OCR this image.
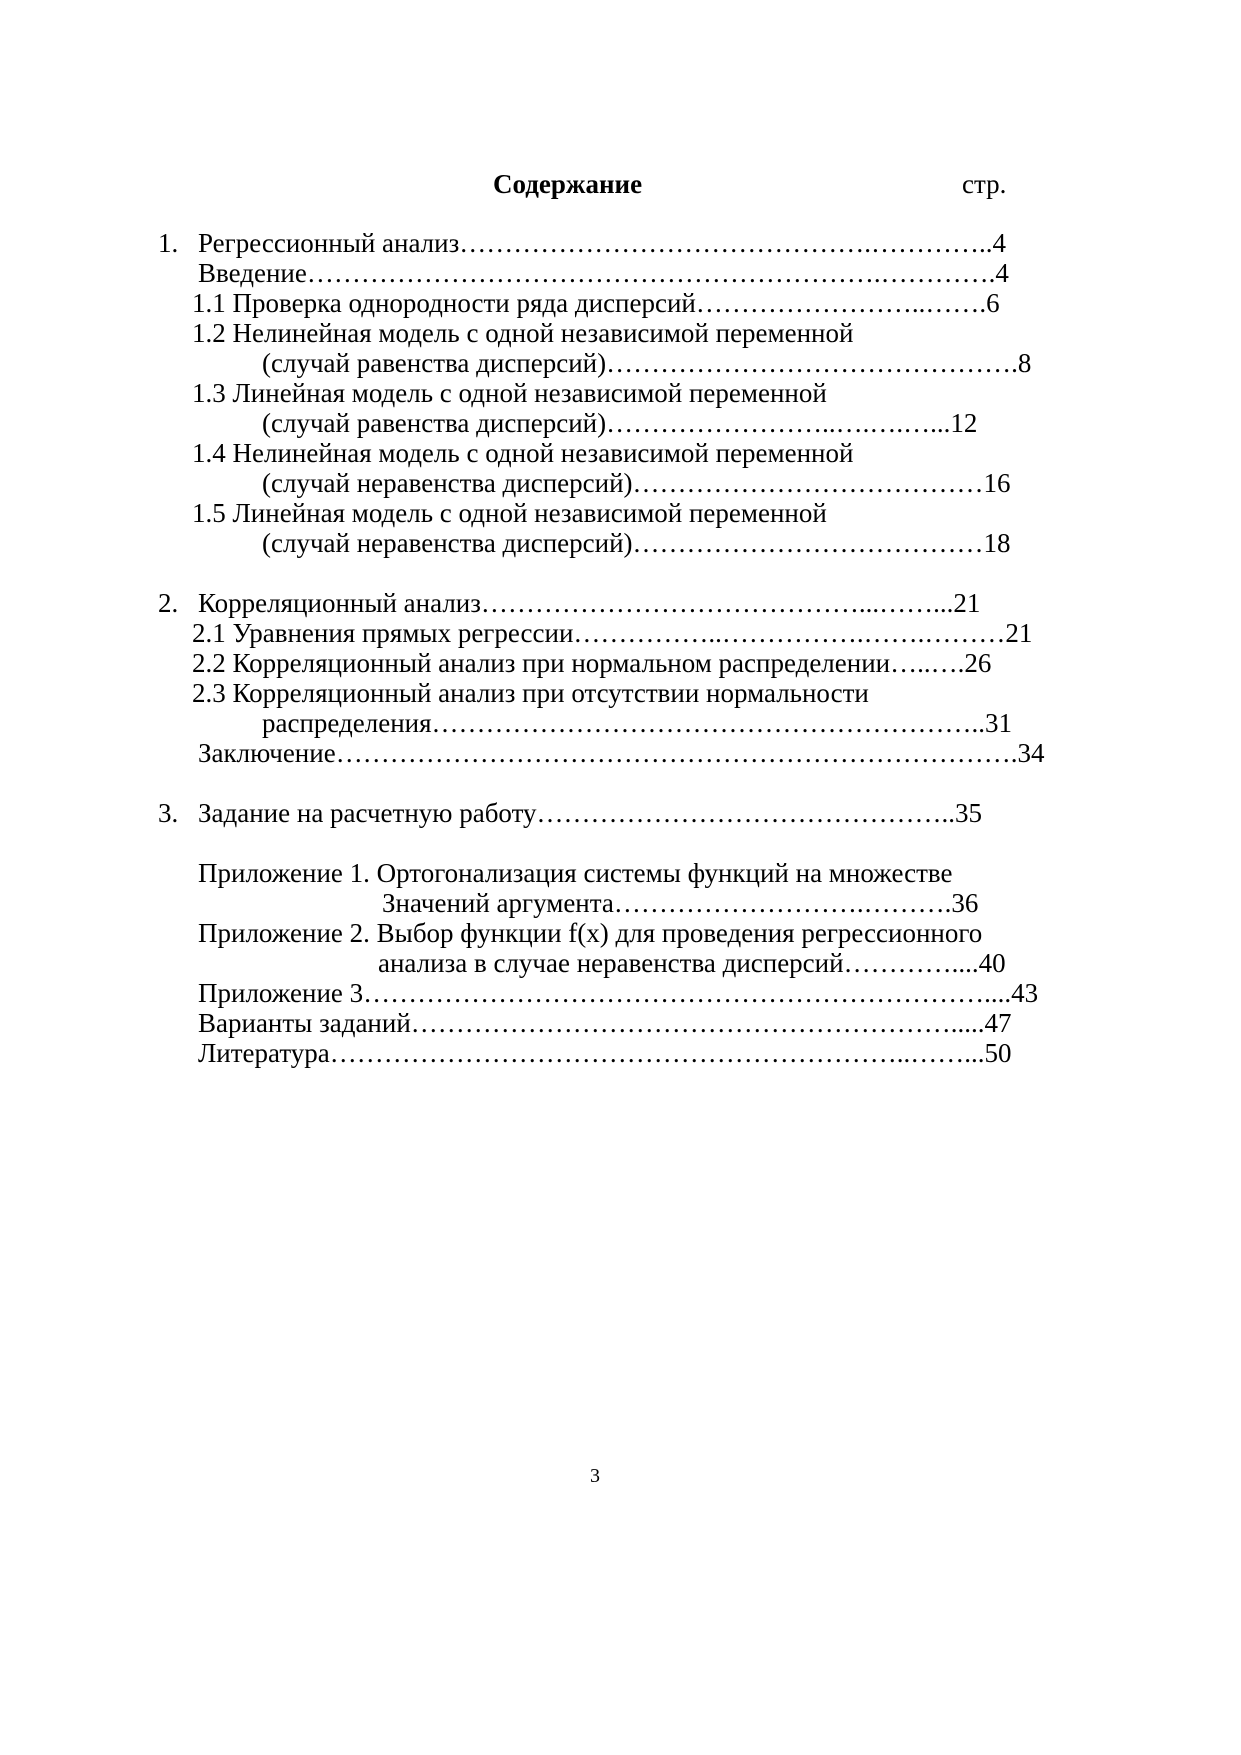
Содержание	стр.
1. Регрессионный анализ……………………………………….…………..4
Введение……………………………………………………….………….4
1.1 Проверка однородности ряда дисперсий……………………..…….6
1.2 Нелинейная модель с одной независимой переменной
(случай равенства дисперсий)……………………………………….8
1.3 Линейная модель с одной независимой переменной
(случай равенства дисперсий)……………………..….….…...12
1.4 Нелинейная модель с одной независимой переменной
(случай неравенства дисперсий)…………………………………16
1.5 Линейная модель с одной независимой переменной
(случай неравенства дисперсий)…………………………………18
2. Корреляционный анализ……………………………………...……...21
2.1 Уравнения прямых регрессии……………..…………….…….………21
2.2 Корреляционный анализ при нормальном распределении…..….26
2.3 Корреляционный анализ при отсутствии нормальности
распределения……………………………………………………..31
Заключение………………………………………………………………….34
3. Задание на расчетную работу………………………………………..35
Приложение 1. Ортогонализация системы функций на множестве
Значений аргумента……………………….……….36
Приложение 2. Выбор функции f(x) для проведения регрессионного
анализа в случае неравенства дисперсий…………....40
Приложение 3……………………………………………………………....43
Варианты заданий…………………………………………………….....47
Литература………………………………………………………..……...50
3
